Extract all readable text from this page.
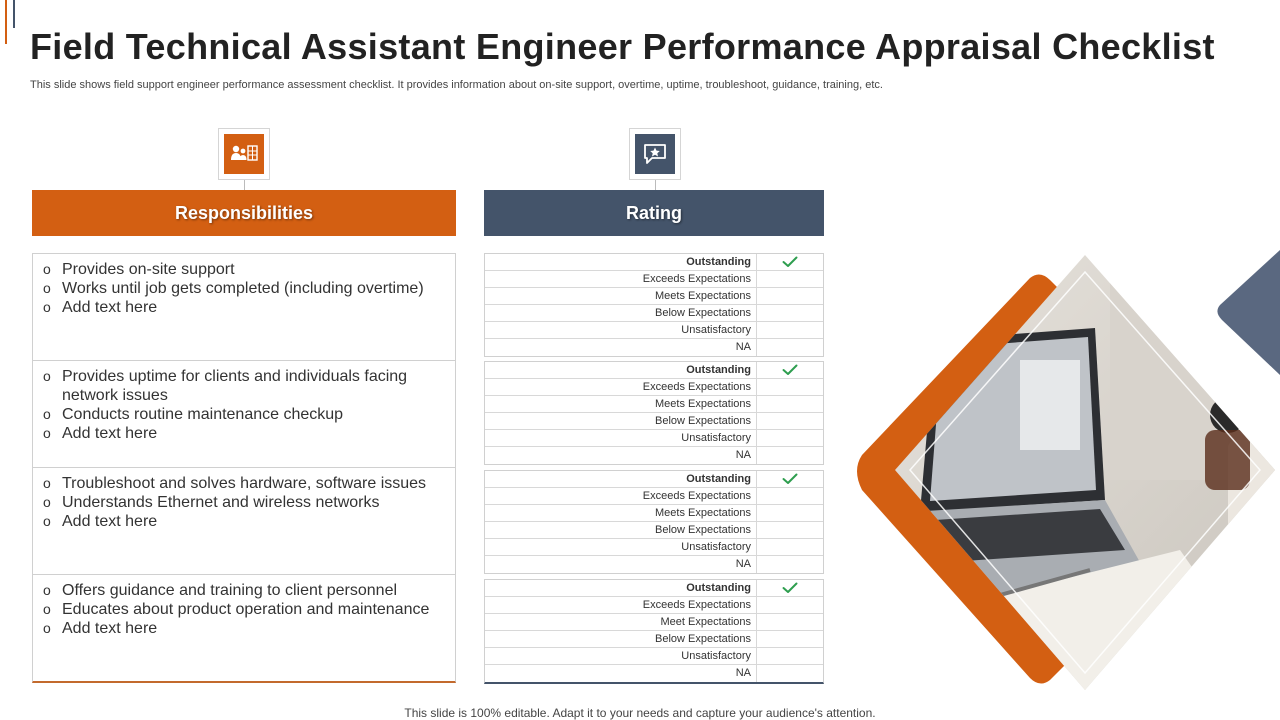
Field Technical Assistant Engineer Performance Appraisal Checklist
This slide shows field support engineer performance assessment checklist. It provides information about on-site support, overtime, uptime, troubleshoot, guidance, training, etc.
Responsibilities	Rating
o Provides on-site support
o Works until job gets completed (including overtime)
o Add text here
o Provides uptime for clients and individuals facing network issues
o Conducts routine maintenance checkup
o Add text here
o Troubleshoot and solves hardware, software issues
o Understands Ethernet and wireless networks
o Add text here
o Offers guidance and training to client personnel
o Educates about product operation and maintenance
o Add text here
Outstanding
Exceeds Expectations
Meets Expectations
Below Expectations
Unsatisfactory
NA
Outstanding
Exceeds Expectations
Meets Expectations
Below Expectations
Unsatisfactory
NA
Outstanding
Exceeds Expectations
Meets Expectations
Below Expectations
Unsatisfactory
NA
Outstanding
Exceeds Expectations
Meet Expectations
Below Expectations
Unsatisfactory
NA
This slide is 100% editable. Adapt it to your needs and capture your audience's attention.
